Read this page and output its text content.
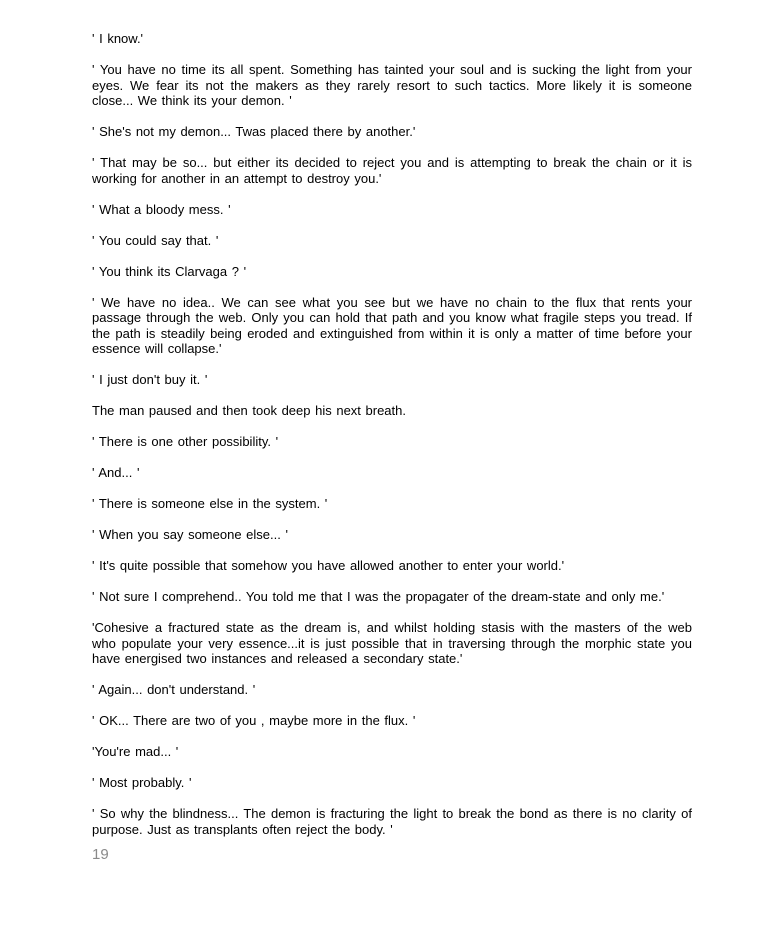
' I know.'

' You have no time its all spent. Something has tainted your soul and is sucking the light from your eyes. We fear its not the makers as they rarely resort to such tactics. More likely it is someone close... We think its your demon. '

' She's not my demon... Twas placed there by another.'

' That may be so... but either its decided to reject you and is attempting to break the chain or it is working for another in an attempt to destroy you.'

' What a bloody mess. '

' You could say that. '

' You think its Clarvaga ? '

' We have no idea.. We can see what you see but we have no chain to the flux that rents your passage through the web. Only you can hold that path and you know what fragile steps you tread. If the path is steadily being eroded and extinguished from within it is only a matter of time before your essence will collapse.'

' I just don't buy it. '

The man paused and then took deep his next breath.

' There is one other possibility. '

' And... '

' There is someone else in the system. '

' When you say someone else... '

' It's quite possible that somehow you have allowed another to enter your world.'

' Not sure I comprehend.. You told me that I was the propagater of the dream-state and only me.'

'Cohesive a fractured state as the dream is, and whilst holding stasis with the masters of the web who populate your very essence...it is just possible that in traversing through the morphic state you have energised two instances and released a secondary state.'

' Again... don't understand. '

' OK... There are two of you , maybe more in the flux. '

'You're mad... '

' Most probably. '

' So why the blindness... The demon is fracturing the light to break the bond as there is no clarity of purpose. Just as transplants often reject the body. '

19
